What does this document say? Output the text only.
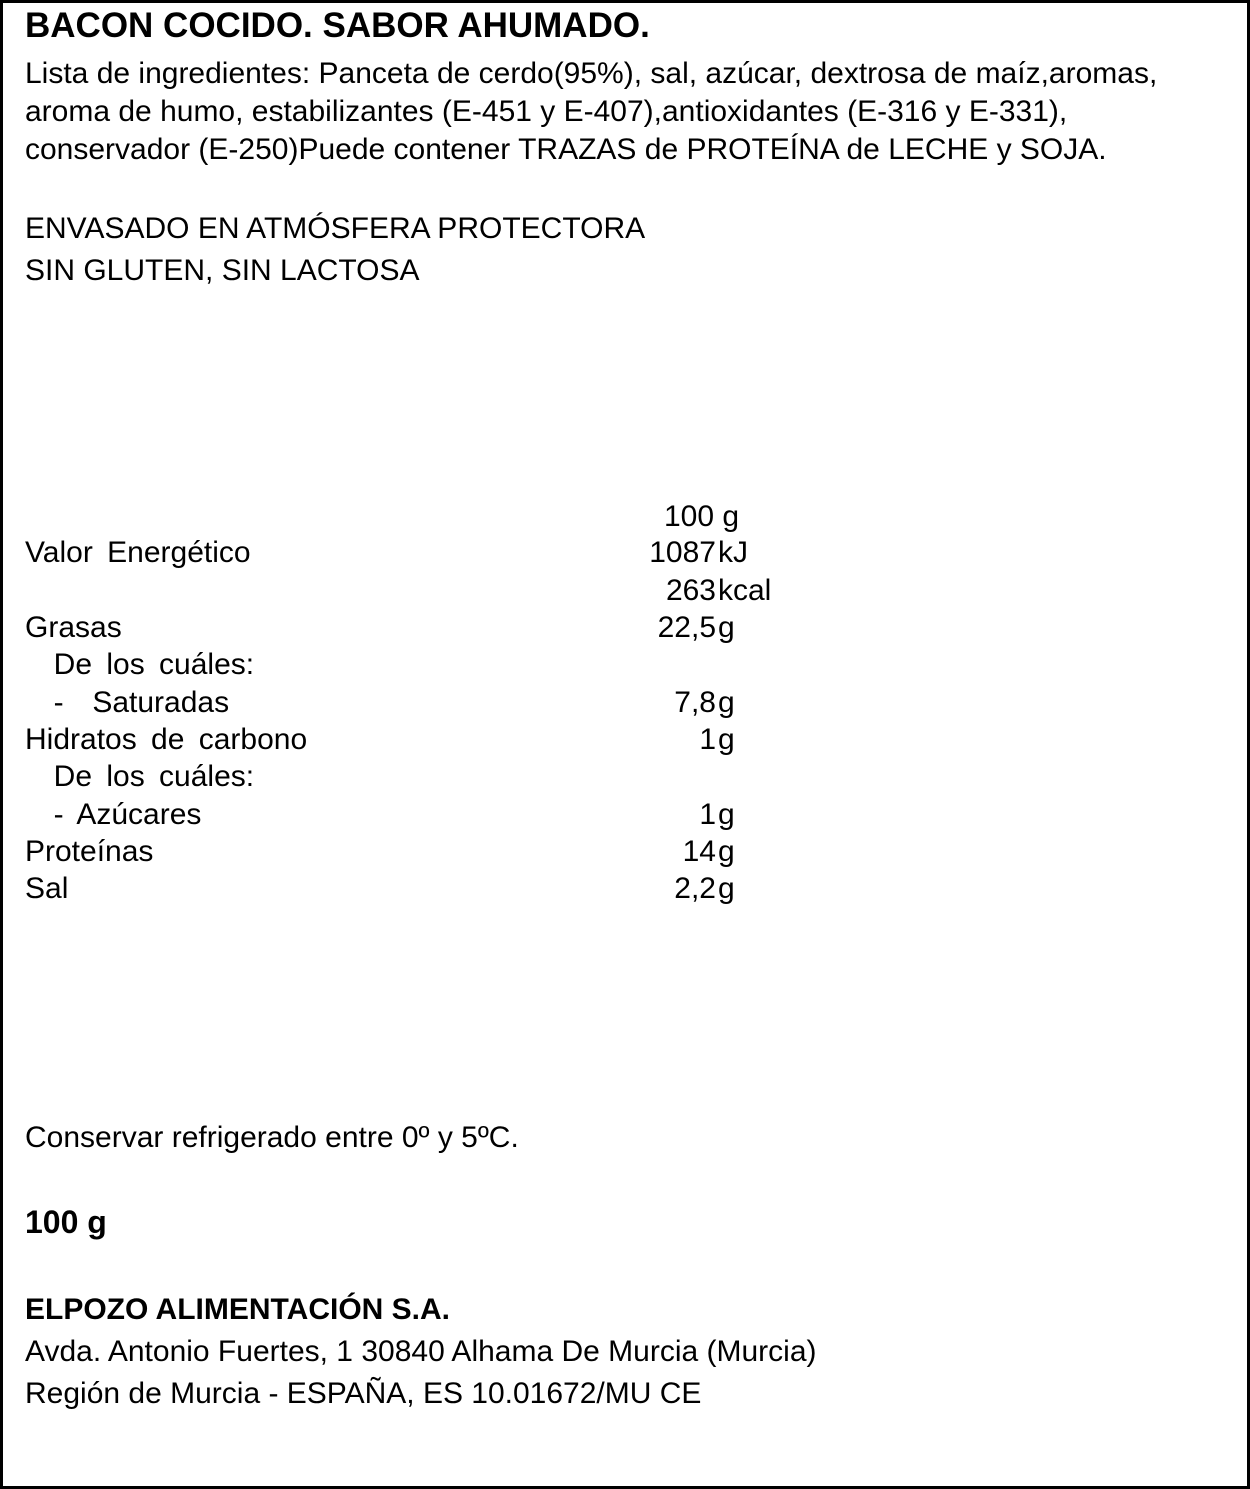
BACON COCIDO. SABOR AHUMADO.
Lista de ingredientes: Panceta de cerdo(95%), sal, azúcar, dextrosa de maíz,aromas, aroma de humo, estabilizantes (E-451 y E-407),antioxidantes (E-316 y E-331), conservador (E-250)Puede contener TRAZAS de PROTEÍNA de LECHE y SOJA.
ENVASADO EN ATMÓSFERA PROTECTORA
SIN GLUTEN, SIN LACTOSA
100 g
Valor Energético	1087 kJ
263 kcal
Grasas	22,5 g
De los cuáles:
-  Saturadas	7,8 g
Hidratos de carbono	1 g
De los cuáles:
- Azúcares	1 g
Proteínas	14 g
Sal	2,2 g
Conservar refrigerado entre 0º y 5ºC.
100 g
ELPOZO ALIMENTACIÓN S.A.
Avda. Antonio Fuertes, 1 30840 Alhama De Murcia (Murcia)
Región de Murcia - ESPAÑA, ES 10.01672/MU CE
